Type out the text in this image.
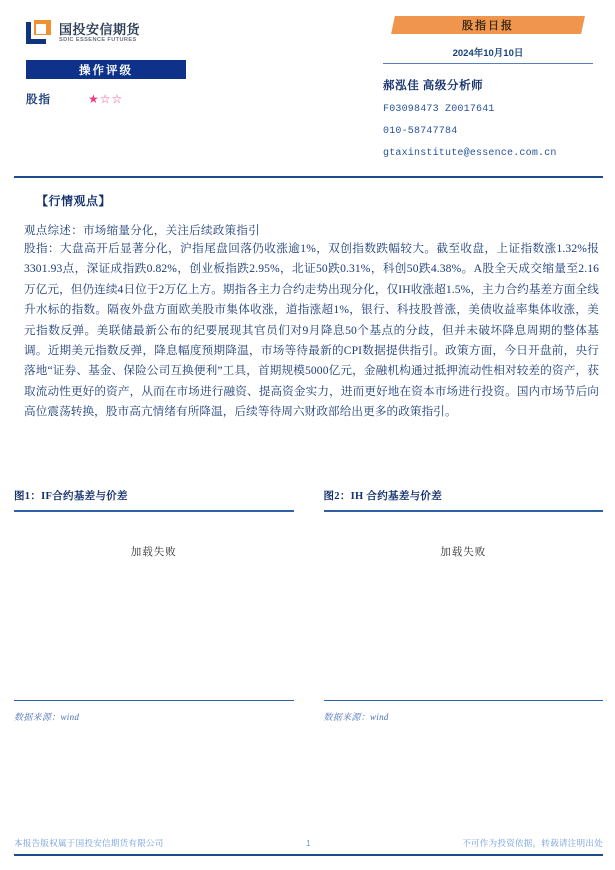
国投安信期货
SDIC ESSENCE FUTURES
操作评级
股指	★☆☆
股指日报
2024年10月10日
郝泓佳 高级分析师
F03098473 Z0017641
010-58747784
gtaxinstitute@essence.com.cn
【行情观点】

观点综述：市场缩量分化，关注后续政策指引

股指：大盘高开后显著分化，沪指尾盘回落仍收涨逾1%，双创指数跌幅较大。截至收盘，上证指数涨1.32%报3301.93点，深证成指跌0.82%，创业板指跌2.95%，北证50跌0.31%，科创50跌4.38%。A股全天成交缩量至2.16万亿元，但仍连续4日位于2万亿上方。期指各主力合约走势出现分化，仅IH收涨超1.5%，主力合约基差方面全线升水标的指数。隔夜外盘方面欧美股市集体收涨，道指涨超1%，银行、科技股普涨，美债收益率集体收涨，美元指数反弹。美联储最新公布的纪要展现其官员们对9月降息50个基点的分歧，但并未破坏降息周期的整体基调。近期美元指数反弹，降息幅度预期降温，市场等待最新的CPI数据提供指引。政策方面，今日开盘前，央行落地“证券、基金、保险公司互换便利”工具，首期规模5000亿元，金融机构通过抵押流动性相对较差的资产，获取流动性更好的资产，从而在市场进行融资、提高资金实力，进而更好地在资本市场进行投资。国内市场节后向高位震荡转换，股市高亢情绪有所降温，后续等待周六财政部给出更多的政策指引。

图1：IF合约基差与价差
加载失败
数据来源：wind
图2：IH 合约基差与价差
加载失败
数据来源：wind
本报告版权属于国投安信期货有限公司	1	不可作为投资依据，转载请注明出处
